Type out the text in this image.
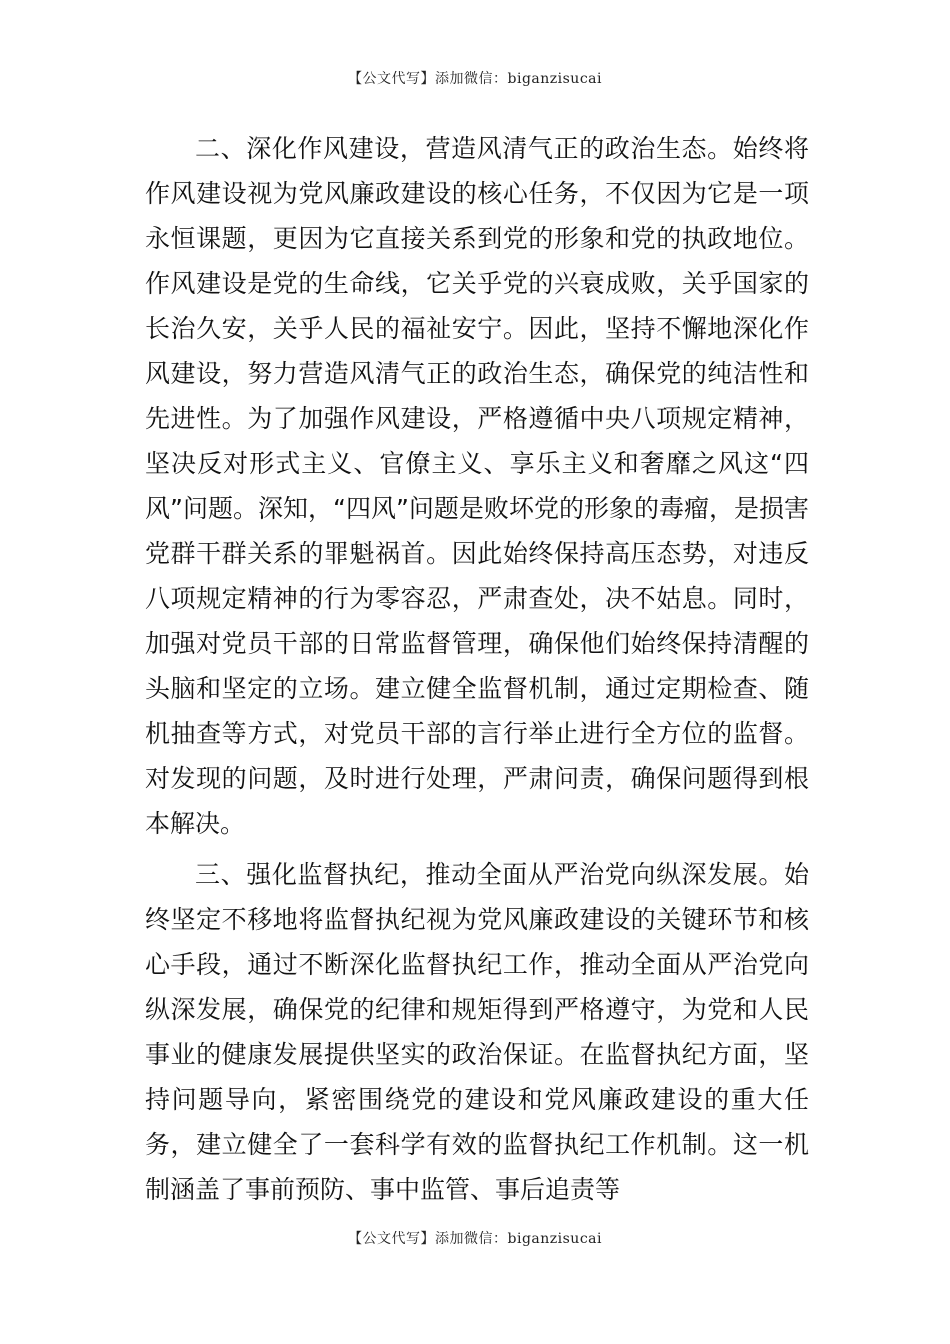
【公文代写】添加微信：biganzisucai

二、深化作风建设，营造风清气正的政治生态。始终将作风建设视为党风廉政建设的核心任务，不仅因为它是一项永恒课题，更因为它直接关系到党的形象和党的执政地位。作风建设是党的生命线，它关乎党的兴衰成败，关乎国家的长治久安，关乎人民的福祉安宁。因此，坚持不懈地深化作风建设，努力营造风清气正的政治生态，确保党的纯洁性和先进性。为了加强作风建设，严格遵循中央八项规定精神，坚决反对形式主义、官僚主义、享乐主义和奢靡之风这“四风”问题。深知，“四风”问题是败坏党的形象的毒瘤，是损害党群干群关系的罪魁祸首。因此始终保持高压态势，对违反八项规定精神的行为零容忍，严肃查处，决不姑息。同时，加强对党员干部的日常监督管理，确保他们始终保持清醒的头脑和坚定的立场。建立健全监督机制，通过定期检查、随机抽查等方式，对党员干部的言行举止进行全方位的监督。对发现的问题，及时进行处理，严肃问责，确保问题得到根本解决。

三、强化监督执纪，推动全面从严治党向纵深发展。始终坚定不移地将监督执纪视为党风廉政建设的关键环节和核心手段，通过不断深化监督执纪工作，推动全面从严治党向纵深发展，确保党的纪律和规矩得到严格遵守，为党和人民事业的健康发展提供坚实的政治保证。在监督执纪方面，坚持问题导向，紧密围绕党的建设和党风廉政建设的重大任务，建立健全了一套科学有效的监督执纪工作机制。这一机制涵盖了事前预防、事中监管、事后追责等

【公文代写】添加微信：biganzisucai
